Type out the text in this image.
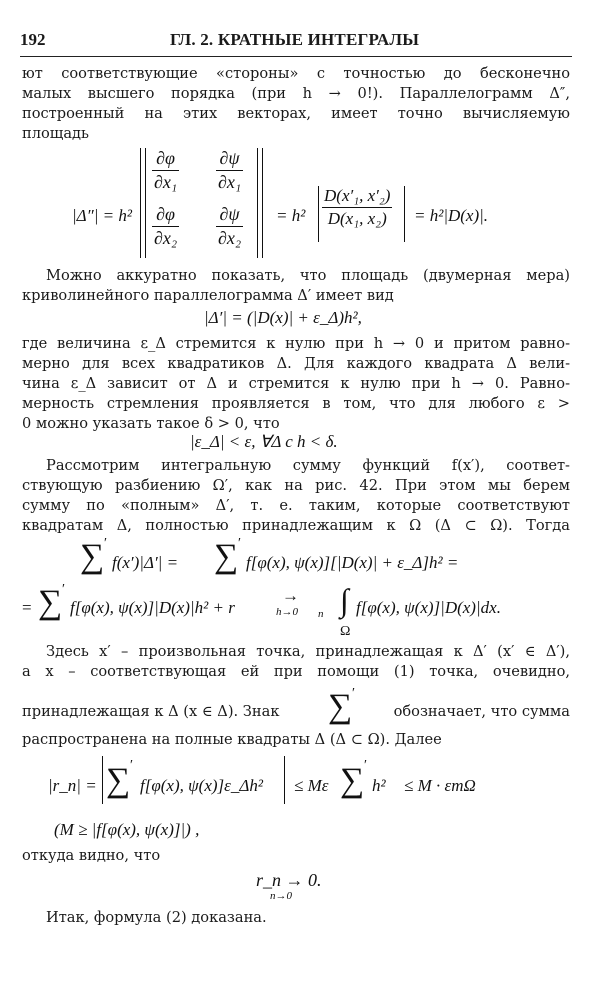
192	ГЛ. 2. КРАТНЫЕ ИНТЕГРАЛЫ
ют соответствующие «стороны» с точностью до бесконечно
малых высшего порядка (при h → 0!). Параллелограмм Δ″,
построенный на этих векторах, имеет точно вычисляемую
площадь
|Δ″| = h²
$\frac{\partial\varphi}{\text{∂x₁}} \frac{\partial\psi}{\text{∂x₁}}$
$\frac{\partial\varphi}{\text{∂x₂}} \frac{\partial\psi}{\text{∂x₂}} = h^2 \frac{\text{D(x′₁, x′₂)}}{\text{D(x₁, x₂)}} = h^2|D(x)|$.
Можно аккуратно показать, что площадь (двумерная мера)
криволинейного параллелограмма Δ′ имеет вид
|Δ′| = (|D(x)| + ε_Δ)h²,
где величина ε_Δ стремится к нулю при h → 0 и притом равно-
мерно для всех квадратиков Δ. Для каждого квадрата Δ вели-
чина ε_Δ зависит от Δ и стремится к нулю при h → 0. Равно-
мерность стремления проявляется в том, что для любого ε >
0 можно указать такое δ > 0, что
|ε_Δ| < ε, ∀Δ с h < δ.
Рассмотрим интегральную сумму функций f(x′), соответ-
ствующую разбиению Ω′, как на рис. 42. При этом мы берем
сумму по «полным» Δ′, т. е. таким, которые соответствуют
квадратам Δ, полностью принадлежащим к Ω (Δ ⊂ Ω). Тогда
∑ ′
f(x′)|Δ′| = ∑ ′
f[φ(x), ψ(x)][|D(x)| + ε_Δ]h² =
= ∑ ′
f[φ(x), ψ(x)]|D(x)|h² + r	n
→
h→0 ∫ f[φ(x), ψ(x)]|D(x)|dx.
Ω
Здесь x′ – произвольная точка, принадлежащая к Δ′ (x′ ∈ Δ′),
а x – соответствующая ей при помощи (1) точка, очевидно,
принадлежащая к Δ (x ∈ Δ). Знак	∑ ′
обозначает, что сумма
распространена на полные квадраты Δ (Δ ⊂ Ω). Далее
|r_n| = ∑ ′
f[φ(x), ψ(x)]ε_Δh² ≤ Mε ∑ ′
h² ≤ M · εmΩ
(M ≥ |f[φ(x), ψ(x)]|) ,
откуда видно, что
r_n → 0.
n→0
Итак, формула (2) доказана.
